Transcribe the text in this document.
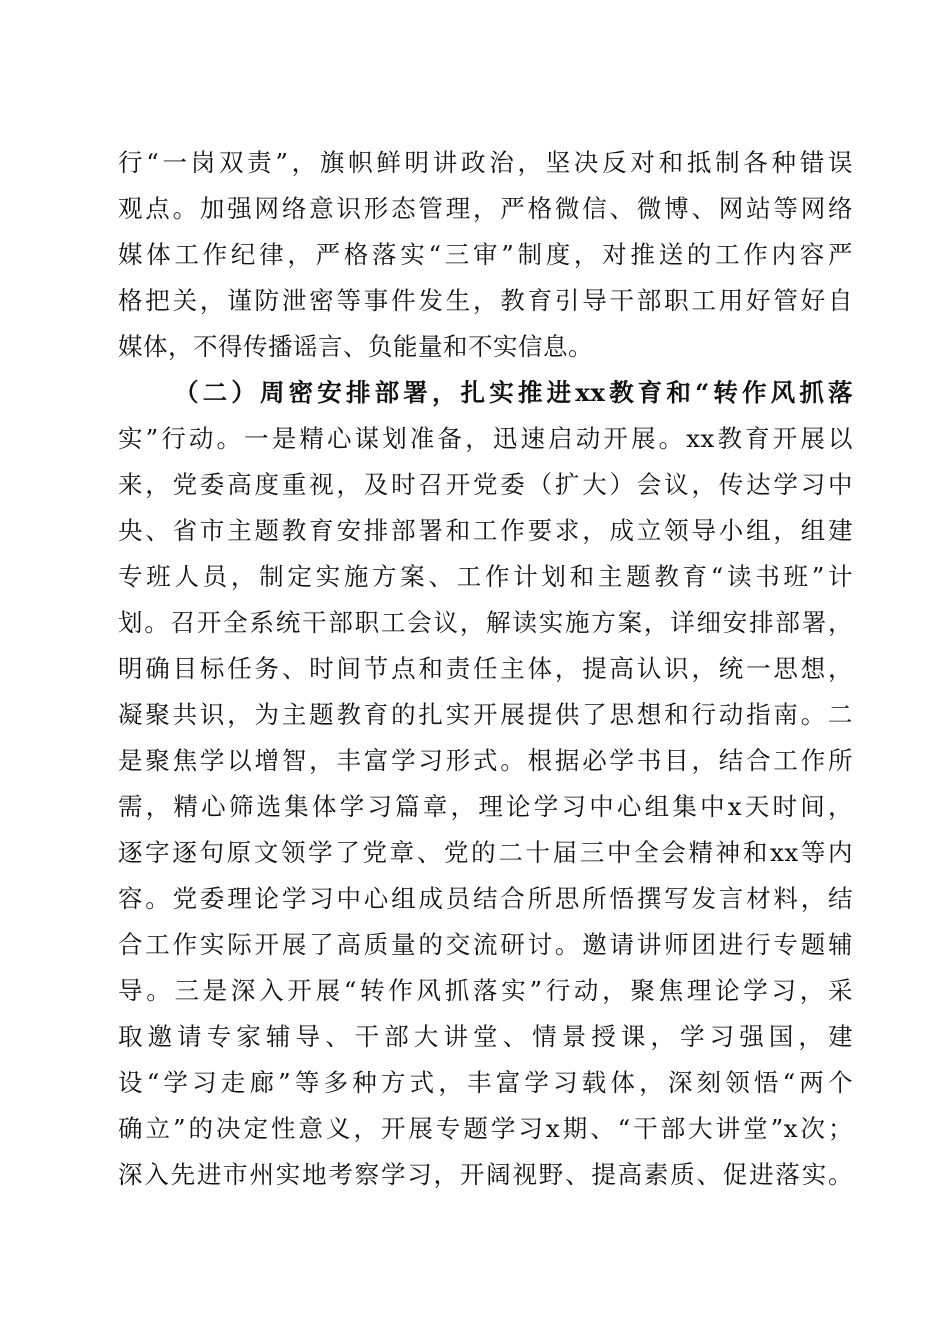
行“一岗双责”，旗帜鲜明讲政治，坚决反对和抵制各种错误
观点。加强网络意识形态管理，严格微信、微博、网站等网络
媒体工作纪律，严格落实“三审”制度，对推送的工作内容严
格把关，谨防泄密等事件发生，教育引导干部职工用好管好自
媒体，不得传播谣言、负能量和不实信息。
（二）周密安排部署，扎实推进xx教育和“转作风抓落
实”行动。一是精心谋划准备，迅速启动开展。xx教育开展以
来，党委高度重视，及时召开党委（扩大）会议，传达学习中
央、省市主题教育安排部署和工作要求，成立领导小组，组建
专班人员，制定实施方案、工作计划和主题教育“读书班”计
划。召开全系统干部职工会议，解读实施方案，详细安排部署，
明确目标任务、时间节点和责任主体，提高认识，统一思想，
凝聚共识，为主题教育的扎实开展提供了思想和行动指南。二
是聚焦学以增智，丰富学习形式。根据必学书目，结合工作所
需，精心筛选集体学习篇章，理论学习中心组集中x天时间，
逐字逐句原文领学了党章、党的二十届三中全会精神和xx等内
容。党委理论学习中心组成员结合所思所悟撰写发言材料，结
合工作实际开展了高质量的交流研讨。邀请讲师团进行专题辅
导。三是深入开展“转作风抓落实”行动，聚焦理论学习，采
取邀请专家辅导、干部大讲堂、情景授课，学习强国，建
设“学习走廊”等多种方式，丰富学习载体，深刻领悟“两个
确立”的决定性意义，开展专题学习x期、“干部大讲堂”x次；
深入先进市州实地考察学习，开阔视野、提高素质、促进落实。
